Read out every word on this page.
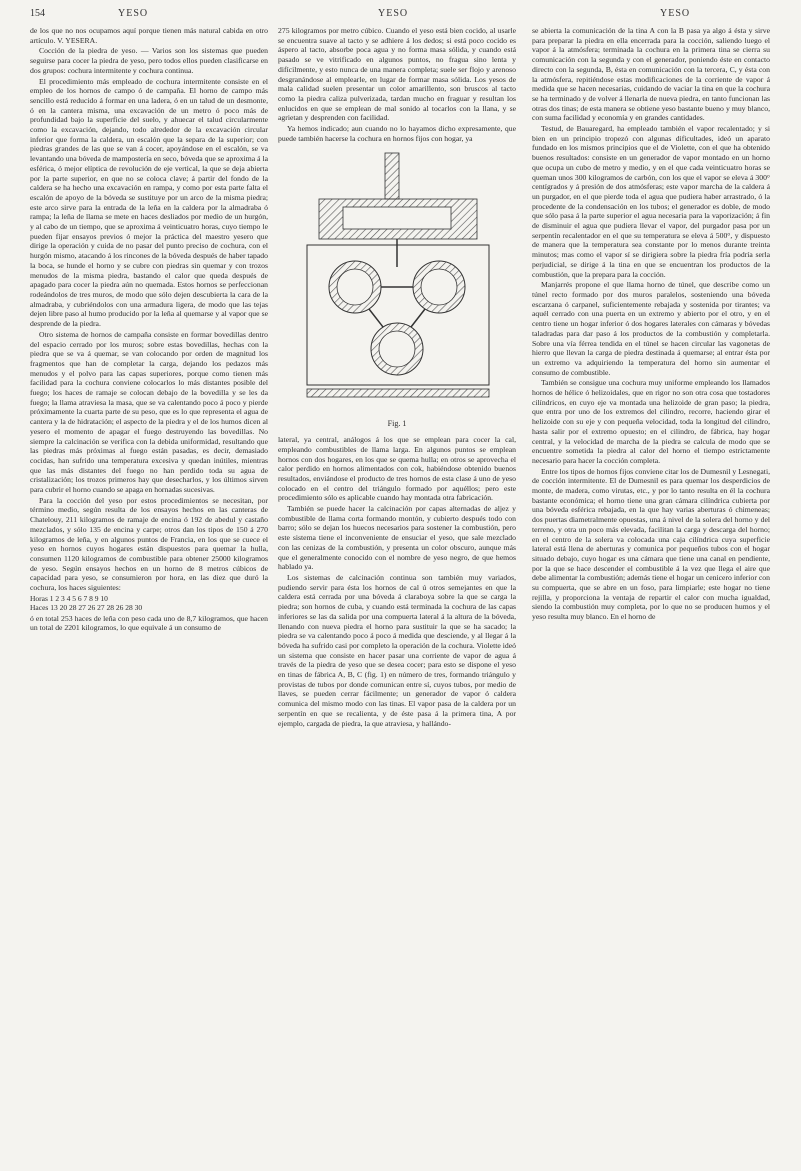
154	YESO	YESO	YESO

de los que no nos ocupamos aquí porque tienen más natural cabida en otro artículo. V. YESERA.

Cocción de la piedra de yeso. — Varios son los sistemas que pueden seguirse para cocer la piedra de yeso, pero todos ellos pueden clasificarse en dos grupos: cochura intermitente y cochura continua.

El procedimiento más empleado de cochura intermitente consiste en el empleo de los hornos de campo ó de campaña. El horno de campo más sencillo está reducido á formar en una ladera, ó en un talud de un desmonte, ó en la cantera misma, una excavación de un metro ó poco más de profundidad bajo la superficie del suelo, y ahuecar el talud circularmente como la excavación, dejando, todo alrededor de la excavación circular inferior que forma la caldera, un escalón que la separa de la superior; con piedras grandes de las que se van á cocer, apoyándose en el escalón, se va levantando una bóveda de mampostería en seco, bóveda que se aproxima á la esférica, ó mejor elíptica de revolución de eje vertical, la que se deja abierta por la parte superior, en que no se coloca clave; á partir del fondo de la caldera se ha hecho una excavación en rampa, y como por esta parte falta el escalón de apoyo de la bóveda se sustituye por un arco de la misma piedra; este arco sirve para la entrada de la leña en la caldera por la almadraba ó rampa; la leña de llama se mete en haces desliados por medio de un hurgón, y al cabo de un tiempo, que se aproxima á veinticuatro horas, cuyo tiempo le pueden fijar ensayos previos ó mejor la práctica del maestro yesero que dirige la operación y cuida de no pasar del punto preciso de cochura, con el hurgón mismo, atacando á los rincones de la bóveda después de haber tapado la boca, se hunde el horno y se cubre con piedras sin quemar y con trozos menudos de la misma piedra, bastando el calor que queda después de apagado para cocer la piedra aún no quemada. Estos hornos se perfeccionan rodeándolos de tres muros, de modo que sólo dejen descubierta la cara de la almadraba, y cubriéndolos con una armadura ligera, de modo que las tejas dejen libre paso al humo producido por la leña al quemarse y al vapor que se desprende de la piedra.

Otro sistema de hornos de campaña consiste en formar bovedillas dentro del espacio cerrado por los muros; sobre estas bovedillas, hechas con la piedra que se va á quemar, se van colocando por orden de magnitud los fragmentos que han de completar la carga, dejando los pedazos más menudos y el polvo para las capas superiores, porque como tienen más facilidad para la cochura conviene colocarlos lo más distantes posible del fuego; los haces de ramaje se colocan debajo de la bovedilla y se les da fuego; la llama atraviesa la masa, que se va calentando poco á poco y pierde próximamente la cuarta parte de su peso, que es lo que representa el agua de cantera y la de hidratación; el aspecto de la piedra y el de los humos dicen al yesero el momento de apagar el fuego destruyendo las bovedillas. No siempre la calcinación se verifica con la debida uniformidad, resultando que las piedras más próximas al fuego están pasadas, es decir, demasiado cocidas, han sufrido una temperatura excesiva y quedan inútiles, mientras que las más distantes del fuego no han perdido toda su agua de cristalización; los trozos primeros hay que desecharlos, y los últimos sirven para cubrir el horno cuando se apaga en hornadas sucesivas.

Para la cocción del yeso por estos procedimientos se necesitan, por término medio, según resulta de los ensayos hechos en las canteras de Chatelouy, 211 kilogramos de ramaje de encina ó 192 de abedul y castaño mezclados, y sólo 135 de encina y carpe; otros dan los tipos de 150 á 270 kilogramos de leña, y en algunos puntos de Francia, en los que se cuece el yeso en hornos cuyos hogares están dispuestos para quemar la hulla, consumen 1120 kilogramos de combustible para obtener 25000 kilogramos de yeso. Según ensayos hechos en un horno de 8 metros cúbicos de capacidad para yeso, se consumieron por hora, en las diez que duró la cochura, los haces siguientes:

Horas 1 2 3 4 5 6 7 8 9 10
Haces 13 20 28 27 26 27 28 26 28 30

ó en total 253 haces de leña con peso cada uno de 8,7 kilogramos, que hacen un total de 2201 kilogramos, lo que equivale á un consumo de

275 kilogramos por metro cúbico. Cuando el yeso está bien cocido, al usarle se encuentra suave al tacto y se adhiere á los dedos; si está poco cocido es áspero al tacto, absorbe poca agua y no forma masa sólida, y cuando está pasado se ve vitrificado en algunos puntos, no fragua sino lenta y difícilmente, y esto nunca de una manera completa; suele ser flojo y arenoso desgranándose al emplearle, en lugar de formar masa sólida. Los yesos de mala calidad suelen presentar un color amarillento, son bruscos al tacto como la piedra caliza pulverizada, tardan mucho en fraguar y resultan los enlucidos en que se emplean de mal sonido al tocarlos con la llana, y se agrietan y desprenden con facilidad.

Ya hemos indicado; aun cuando no lo hayamos dicho expresamente, que puede también hacerse la cochura en hornos fijos con hogar, ya

Fig. 1

lateral, ya central, análogos á los que se emplean para cocer la cal, empleando combustibles de llama larga. En algunos puntos se emplean hornos con dos hogares, en los que se quema hulla; en otros se aprovecha el calor perdido en hornos alimentados con cok, habiéndose obtenido buenos resultados, enviándose el producto de tres hornos de esta clase á uno de yeso colocado en el centro del triángulo formado por aquéllos; pero este procedimiento sólo es aplicable cuando hay montada otra fabricación.

También se puede hacer la calcinación por capas alternadas de aljez y combustible de llama corta formando montón, y cubierto después todo con barro; sólo se dejan los huecos necesarios para sostener la combustión, pero este sistema tiene el inconveniente de ensuciar el yeso, que sale mezclado con las cenizas de la combustión, y presenta un color obscuro, aunque más que el generalmente conocido con el nombre de yeso negro, de que hemos hablado ya.

Los sistemas de calcinación continua son también muy variados, pudiendo servir para ésta los hornos de cal ú otros semejantes en que la caldera está cerrada por una bóveda á claraboya sobre la que se carga la piedra; son hornos de cuba, y cuando está terminada la cochura de las capas inferiores se las da salida por una compuerta lateral á la altura de la bóveda, llenando con nueva piedra el horno para sustituir la que se ha sacado; la piedra se va calentando poco á poco á medida que desciende, y al llegar á la bóveda ha sufrido casi por completo la operación de la cochura. Violette ideó un sistema que consiste en hacer pasar una corriente de vapor de agua á través de la piedra de yeso que se desea cocer; para esto se dispone el yeso en tinas de fábrica A, B, C (fig. 1) en número de tres, formando triángulo y provistas de tubos por donde comunican entre sí, cuyos tubos, por medio de llaves, se pueden cerrar fácilmente; un generador de vapor ó caldera comunica del mismo modo con las tinas. El vapor pasa de la caldera por un serpentín en que se recalienta, y de éste pasa á la primera tina, A por ejemplo, cargada de piedra, la que atraviesa, y hallándo-

se abierta la comunicación de la tina A con la B pasa ya algo á ésta y sirve para preparar la piedra en ella encerrada para la cocción, saliendo luego el vapor á la atmósfera; terminada la cochura en la primera tina se cierra su comunicación con la segunda y con el generador, poniendo éste en contacto directo con la segunda, B, ésta en comunicación con la tercera, C, y ésta con la atmósfera, repitiéndose estas modificaciones de la corriente de vapor á medida que se hacen necesarias, cuidando de vaciar la tina en que la cochura se ha terminado y de volver á llenarla de nueva piedra, en tanto funcionan las otras dos tinas; de esta manera se obtiene yeso bastante bueno y muy blanco, con suma facilidad y economía y en grandes cantidades.

Testud, de Bauaregard, ha empleado también el vapor recalentado; y si bien en un principio tropezó con algunas dificultades, ideó un aparato fundado en los mismos principios que el de Violette, con el que ha obtenido buenos resultados: consiste en un generador de vapor montado en un horno que ocupa un cubo de metro y medio, y en el que cada veinticuatro horas se queman unos 300 kilogramos de carbón, con los que el vapor se eleva á 300° centígrados y á presión de dos atmósferas; este vapor marcha de la caldera á un purgador, en el que pierde toda el agua que pudiera haber arrastrado, ó la procedente de la condensación en los tubos; el generador es doble, de modo que sólo pasa á la parte superior el agua necesaria para la vaporización; á fin de disminuir el agua que pudiera llevar el vapor, del purgador pasa por un serpentín recalentador en el que su temperatura se eleva á 500°, y dispuesto de manera que la temperatura sea constante por lo menos durante treinta minutos; mas como el vapor sí se dirigiera sobre la piedra fría podría serla perjudicial, se dirige á la tina en que se encuentran los productos de la combustión, que la prepara para la cocción.

Manjarrés propone el que llama horno de túnel, que describe como un túnel recto formado por dos muros paralelos, sosteniendo una bóveda escarzana ó carpanel, suficientemente rebajada y sostenida por tirantes; va aquél cerrado con una puerta en un extremo y abierto por el otro, y en el centro tiene un hogar inferior ó dos hogares laterales con cámaras y bóvedas taladradas para dar paso á los productos de la combustión y completarla. Sobre una vía férrea tendida en el túnel se hacen circular las vagonetas de hierro que llevan la carga de piedra destinada á quemarse; al entrar ésta por un extremo va adquiriendo la temperatura del horno sin aumentar el consumo de combustible.

También se consigue una cochura muy uniforme empleando los llamados hornos de hélice ó helizoidales, que en rigor no son otra cosa que tostadores cilíndricos, en cuyo eje va montada una helizoide de gran paso; la piedra, que entra por uno de los extremos del cilindro, recorre, haciendo girar el helizoide con su eje y con pequeña velocidad, toda la longitud del cilindro, hasta salir por el extremo opuesto; en el cilindro, de fábrica, hay hogar central, y la velocidad de marcha de la piedra se calcula de modo que se encuentre sometida la piedra al calor del horno el tiempo estrictamente necesario para hacer la cocción completa.

Entre los tipos de hornos fijos conviene citar los de Dumesnil y Lesnegati, de cocción intermitente. El de Dumesnil es para quemar los desperdicios de monte, de madera, como virutas, etc., y por lo tanto resulta en él la cochura bastante económica; el horno tiene una gran cámara cilíndrica cubierta por una bóveda esférica rebajada, en la que hay varias aberturas ó chimeneas; dos puertas diametralmente opuestas, una á nivel de la solera del horno y del terreno, y otra un poco más elevada, facilitan la carga y descarga del horno; en el centro de la solera va colocada una caja cilíndrica cuya superficie lateral está llena de aberturas y comunica por pequeños tubos con el hogar situado debajo, cuyo hogar es una cámara que tiene una canal en pendiente, por la que se hace descender el combustible á la vez que llega el aire que debe alimentar la combustión; además tiene el hogar un cenicero inferior con su compuerta, que se abre en un foso, para limpiarle; este hogar no tiene rejilla, y proporciona la ventaja de repartir el calor con mucha igualdad, siendo la combustión muy completa, por lo que no se producen humos y el yeso resulta muy blanco. En el horno de
